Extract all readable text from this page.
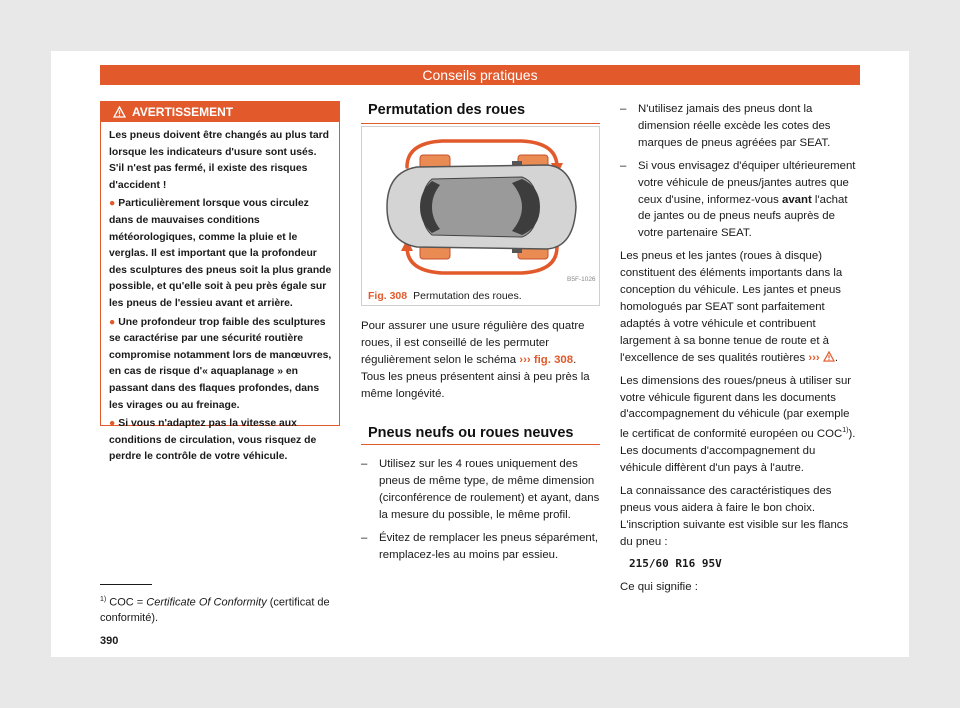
Conseils pratiques
AVERTISSEMENT

Les pneus doivent être changés au plus tard lorsque les indicateurs d'usure sont usés. S'il n'est pas fermé, il existe des risques d'accident !

● Particulièrement lorsque vous circulez dans de mauvaises conditions météorologiques, comme la pluie et le verglas. Il est important que la profondeur des sculptures des pneus soit la plus grande possible, et qu'elle soit à peu près égale sur les pneus de l'essieu avant et arrière.

● Une profondeur trop faible des sculptures se caractérise par une sécurité routière compromise notamment lors de manœuvres, en cas de risque d'« aquaplanage » en passant dans des flaques profondes, dans les virages ou au freinage.

● Si vous n'adaptez pas la vitesse aux conditions de circulation, vous risquez de perdre le contrôle de votre véhicule.

$^{1)}$ COC = Certificate Of Conformity (certificat de conformité).
390
Permutation des roues
B5F-1026
Fig. 308 Permutation des roues.

Pour assurer une usure régulière des quatre roues, il est conseillé de les permuter régulièrement selon le schéma ››› fig. 308. Tous les pneus présentent ainsi à peu près la même longévité.

Pneus neufs ou roues neuves
– Utilisez sur les 4 roues uniquement des pneus de même type, de même dimension (circonférence de roulement) et ayant, dans la mesure du possible, le même profil.
– Évitez de remplacer les pneus séparément, remplacez-les au moins par essieu.
– N'utilisez jamais des pneus dont la dimension réelle excède les cotes des marques de pneus agréées par SEAT.
– Si vous envisagez d'équiper ultérieurement votre véhicule de pneus/jantes autres que ceux d'usine, informez-vous avant l'achat de jantes ou de pneus neufs auprès de votre partenaire SEAT.

Les pneus et les jantes (roues à disque) constituent des éléments importants dans la conception du véhicule. Les jantes et pneus homologués par SEAT sont parfaitement adaptés à votre véhicule et contribuent largement à sa bonne tenue de route et à l'excellence de ses qualités routières ››› .

Les dimensions des roues/pneus à utiliser sur votre véhicule figurent dans les documents d'accompagnement du véhicule (par exemple le certificat de conformité européen ou COC$^{1)}$). Les documents d'accompagnement du véhicule diffèrent d'un pays à l'autre.

La connaissance des caractéristiques des pneus vous aidera à faire le bon choix. L'inscription suivante est visible sur les flancs du pneu :

215/60 R16 95V

Ce qui signifie :
